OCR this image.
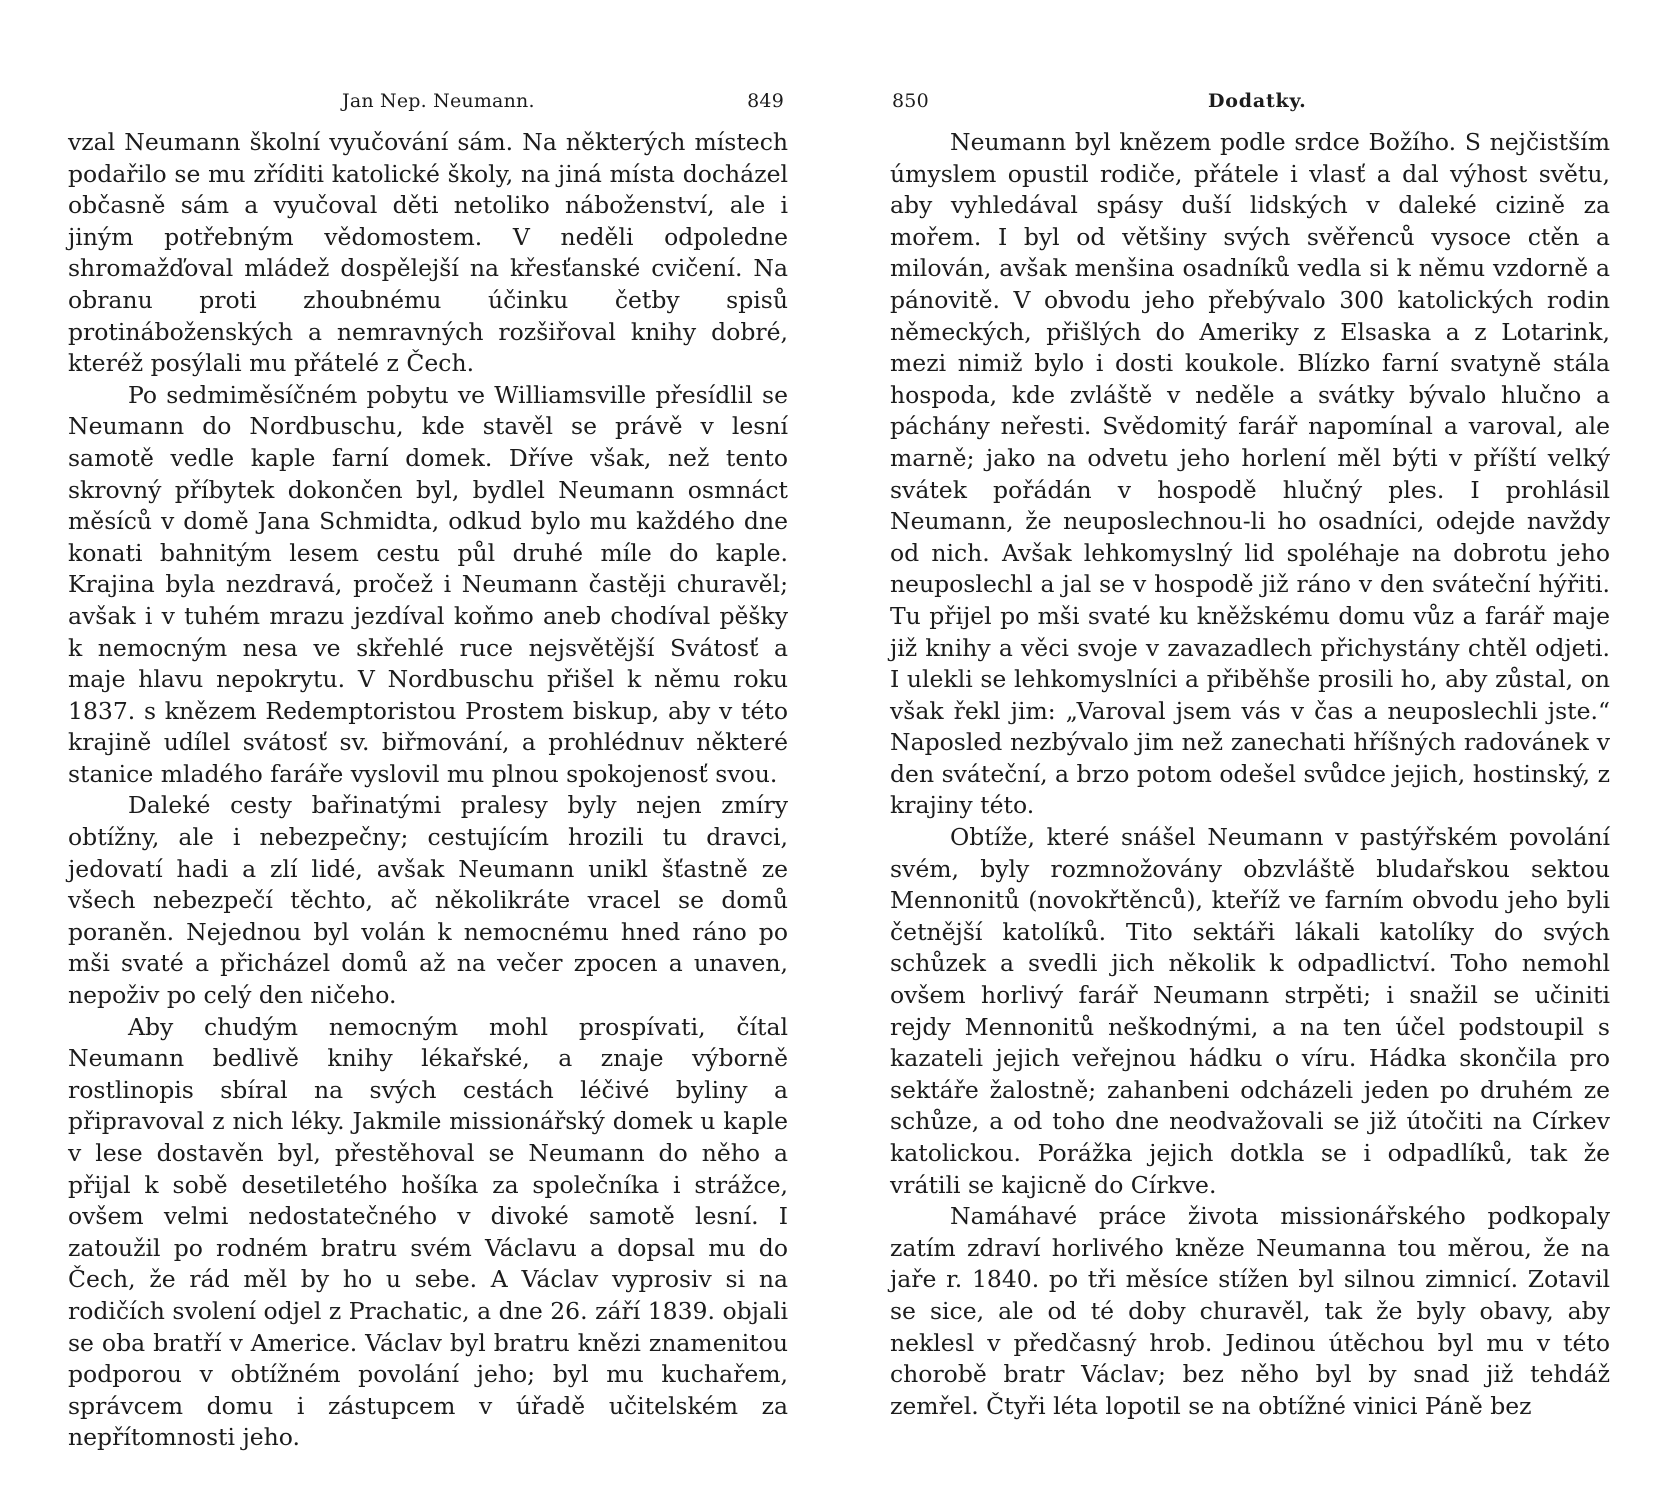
Jan Nep. Neumann.	849

vzal Neumann školní vyučování sám. Na některých místech podařilo se mu zříditi katolické školy, na jiná místa docházel občasně sám a vyučoval děti netoliko náboženství, ale i jiným potřebným vědomostem. V neděli odpoledne shromažďoval mládež dospělejší na křesťanské cvičení. Na obranu proti zhoubnému účinku četby spisů protináboženských a nemravných rozšiřoval knihy dobré, kteréž posýlali mu přátelé z Čech.

Po sedmiměsíčném pobytu ve Williamsville přesídlil se Neumann do Nordbuschu, kde stavěl se právě v lesní samotě vedle kaple farní domek. Dříve však, než tento skrovný příbytek dokončen byl, bydlel Neumann osmnáct měsíců v domě Jana Schmidta, odkud bylo mu každého dne konati bahnitým lesem cestu půl druhé míle do kaple. Krajina byla nezdravá, pročež i Neumann častěji churavěl; avšak i v tuhém mrazu jezdíval koňmo aneb chodíval pěšky k nemocným nesa ve skřehlé ruce nejsvětější Svátosť a maje hlavu nepokrytu. V Nordbuschu přišel k němu roku 1837. s knězem Redemptoristou Prostem biskup, aby v této krajině udílel svátosť sv. biřmování, a prohlédnuv některé stanice mladého faráře vyslovil mu plnou spokojenosť svou.

Daleké cesty bařinatými pralesy byly nejen zmíry obtížny, ale i nebezpečny; cestujícím hrozili tu dravci, jedovatí hadi a zlí lidé, avšak Neumann unikl šťastně ze všech nebezpečí těchto, ač několikráte vracel se domů poraněn. Nejednou byl volán k nemocnému hned ráno po mši svaté a přicházel domů až na večer zpocen a unaven, nepoživ po celý den ničeho.

Aby chudým nemocným mohl prospívati, čítal Neumann bedlivě knihy lékařské, a znaje výborně rostlinopis sbíral na svých cestách léčivé byliny a připravoval z nich léky. Jakmile missionářský domek u kaple v lese dostavěn byl, přestěhoval se Neumann do něho a přijal k sobě desetiletého hošíka za společníka i strážce, ovšem velmi nedostatečného v divoké samotě lesní. I zatoužil po rodném bratru svém Václavu a dopsal mu do Čech, že rád měl by ho u sebe. A Václav vyprosiv si na rodičích svolení odjel z Prachatic, a dne 26. září 1839. objali se oba bratří v Americe. Václav byl bratru knězi znamenitou podporou v obtížném povolání jeho; byl mu kuchařem, správcem domu i zástupcem v úřadě učitelském za nepřítomnosti jeho.

850	Dodatky.

Neumann byl knězem podle srdce Božího. S nejčistším úmyslem opustil rodiče, přátele i vlasť a dal výhost světu, aby vyhledával spásy duší lidských v daleké cizině za mořem. I byl od většiny svých svěřenců vysoce ctěn a milován, avšak menšina osadníků vedla si k němu vzdorně a pánovitě. V obvodu jeho přebývalo 300 katolických rodin německých, přišlých do Ameriky z Elsaska a z Lotarink, mezi nimiž bylo i dosti koukole. Blízko farní svatyně stála hospoda, kde zvláště v neděle a svátky bývalo hlučno a páchány neřesti. Svědomitý farář napomínal a varoval, ale marně; jako na odvetu jeho horlení měl býti v příští velký svátek pořádán v hospodě hlučný ples. I prohlásil Neumann, že neuposlechnou-li ho osadníci, odejde navždy od nich. Avšak lehkomyslný lid spoléhaje na dobrotu jeho neuposlechl a jal se v hospodě již ráno v den sváteční hýřiti. Tu přijel po mši svaté ku kněžskému domu vůz a farář maje již knihy a věci svoje v zavazadlech přichystány chtěl odjeti. I ulekli se lehkomyslníci a přiběhše prosili ho, aby zůstal, on však řekl jim: „Varoval jsem vás v čas a neuposlechli jste.“ Naposled nezbývalo jim než zanechati hříšných radovánek v den sváteční, a brzo potom odešel svůdce jejich, hostinský, z krajiny této.

Obtíže, které snášel Neumann v pastýřském povolání svém, byly rozmnožovány obzvláště bludařskou sektou Mennonitů (novokřtěnců), kteříž ve farním obvodu jeho byli četnější katolíků. Tito sektáři lákali katolíky do svých schůzek a svedli jich několik k odpadlictví. Toho nemohl ovšem horlivý farář Neumann strpěti; i snažil se učiniti rejdy Mennonitů neškodnými, a na ten účel podstoupil s kazateli jejich veřejnou hádku o víru. Hádka skončila pro sektáře žalostně; zahanbeni odcházeli jeden po druhém ze schůze, a od toho dne neodvažovali se již útočiti na Církev katolickou. Porážka jejich dotkla se i odpadlíků, tak že vrátili se kajicně do Církve.

Namáhavé práce života missionářského podkopaly zatím zdraví horlivého kněze Neumanna tou měrou, že na jaře r. 1840. po tři měsíce stížen byl silnou zimnicí. Zotavil se sice, ale od té doby churavěl, tak že byly obavy, aby neklesl v předčasný hrob. Jedinou útěchou byl mu v této chorobě bratr Václav; bez něho byl by snad již tehdáž zemřel. Čtyři léta lopotil se na obtížné vinici Páně bez
